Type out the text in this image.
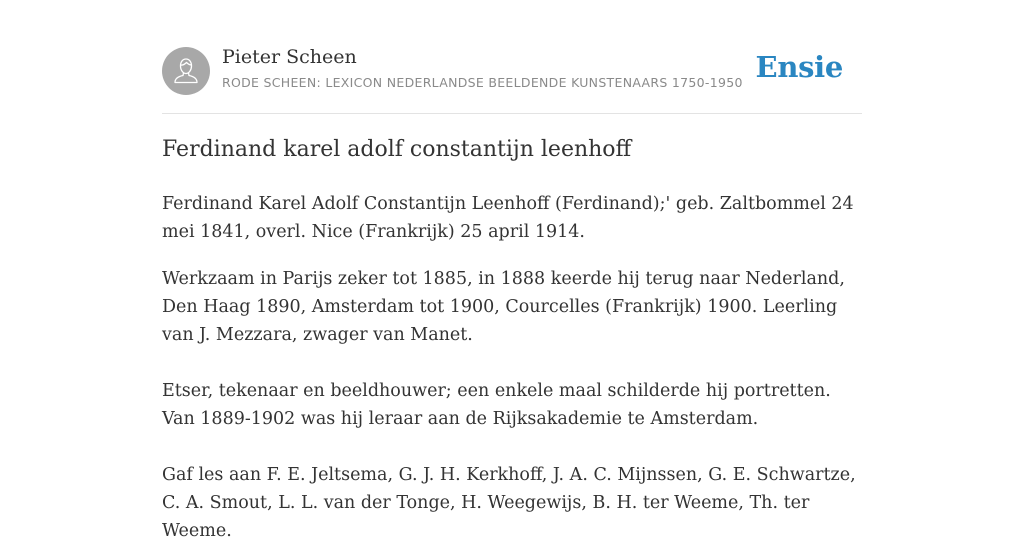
Pieter Scheen
RODE SCHEEN: LEXICON NEDERLANDSE BEELDENDE KUNSTENAARS 1750-1950 Ensie
Ferdinand karel adolf constantijn leenhoff

Ferdinand Karel Adolf Constantijn Leenhoff (Ferdinand);' geb. Zaltbommel 24 mei 1841, overl. Nice (Frankrijk) 25 april 1914.

Werkzaam in Parijs zeker tot 1885, in 1888 keerde hij terug naar Nederland, Den Haag 1890, Amsterdam tot 1900, Courcelles (Frankrijk) 1900. Leerling van J. Mezzara, zwager van Manet.

Etser, tekenaar en beeldhouwer; een enkele maal schilderde hij portretten. Van 1889-1902 was hij leraar aan de Rijksakademie te Amsterdam.

Gaf les aan F. E. Jeltsema, G. J. H. Kerkhoff, J. A. C. Mijnssen, G. E. Schwartze, C. A. Smout, L. L. van der Tonge, H. Weegewijs, B. H. ter Weeme, Th. ter Weeme.
